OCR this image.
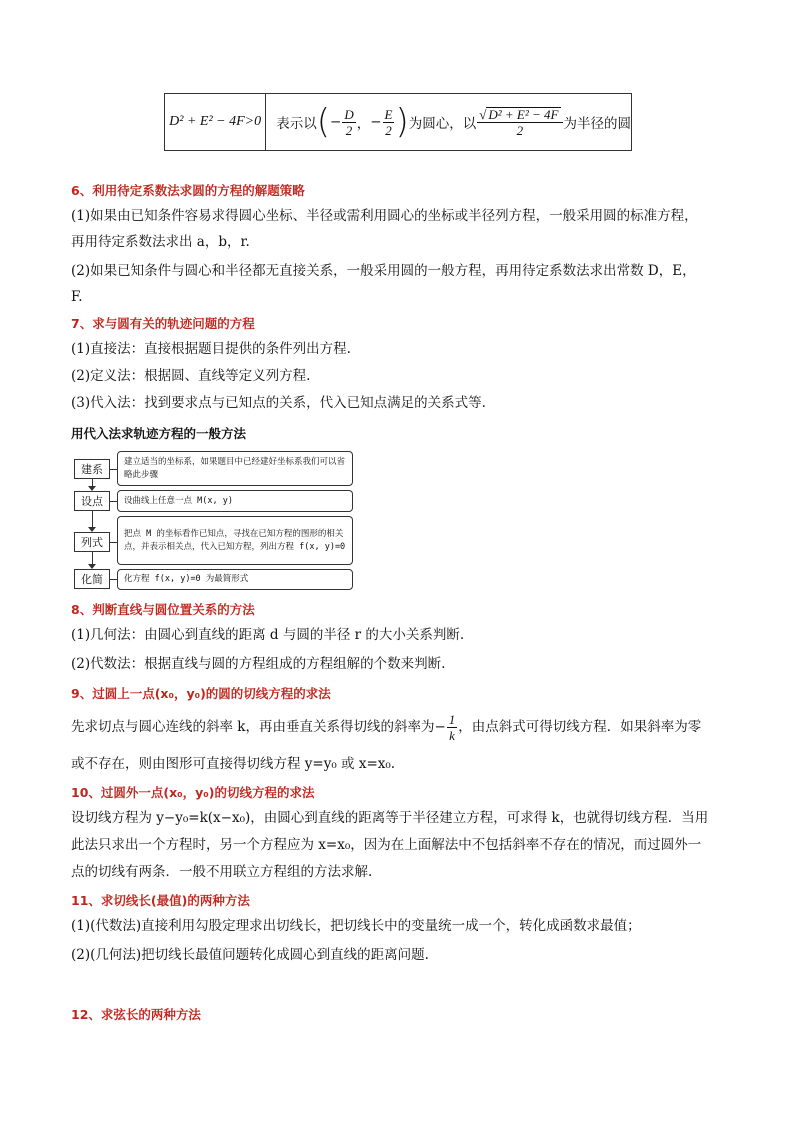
D² + E² − 4F>0	表示以 ( − $\frac{D}{2}$ ， − $\frac{E}{2}$ ) 为圆心，以 $\frac{\text{√ D² + E² − 4F}}{2}$ 为半径的圆
6、利用待定系数法求圆的方程的解题策略
(1)如果由已知条件容易求得圆心坐标、半径或需利用圆心的坐标或半径列方程，一般采用圆的标准方程，
再用待定系数法求出 a，b，r.
(2)如果已知条件与圆心和半径都无直接关系，一般采用圆的一般方程，再用待定系数法求出常数 D，E，
F.
7、求与圆有关的轨迹问题的方程
(1)直接法：直接根据题目提供的条件列出方程.
(2)定义法：根据圆、直线等定义列方程.
(3)代入法：找到要求点与已知点的关系，代入已知点满足的关系式等.
用代入法求轨迹方程的一般方法
建系
建立适当的坐标系，如果题目中已经建好坐标系我们可以省略此步骤
设点	设曲线上任意一点 M(x, y)
列式
把点 M 的坐标看作已知点，寻找在已知方程的图形的相关点，并表示相关点，代入已知方程，列出方程 f(x, y)=0
化简	化方程 f(x, y)=0 为最简形式
8、判断直线与圆位置关系的方法
(1)几何法：由圆心到直线的距离 d 与圆的半径 r 的大小关系判断.
(2)代数法：根据直线与圆的方程组成的方程组解的个数来判断.
9、过圆上一点(x₀，y₀)的圆的切线方程的求法
先求切点与圆心连线的斜率 k，再由垂直关系得切线的斜率为− $\frac{1}{k}$ ，由点斜式可得切线方程．如果斜率为零
或不存在，则由图形可直接得切线方程 y=y₀ 或 x=x₀.
10、过圆外一点(x₀，y₀)的切线方程的求法
设切线方程为 y−y₀=k(x−x₀)，由圆心到直线的距离等于半径建立方程，可求得 k，也就得切线方程．当用
此法只求出一个方程时，另一个方程应为 x=x₀，因为在上面解法中不包括斜率不存在的情况，而过圆外一
点的切线有两条．一般不用联立方程组的方法求解.
11、求切线长(最值)的两种方法
(1)(代数法)直接利用勾股定理求出切线长，把切线长中的变量统一成一个，转化成函数求最值；
(2)(几何法)把切线长最值问题转化成圆心到直线的距离问题.
12、求弦长的两种方法
